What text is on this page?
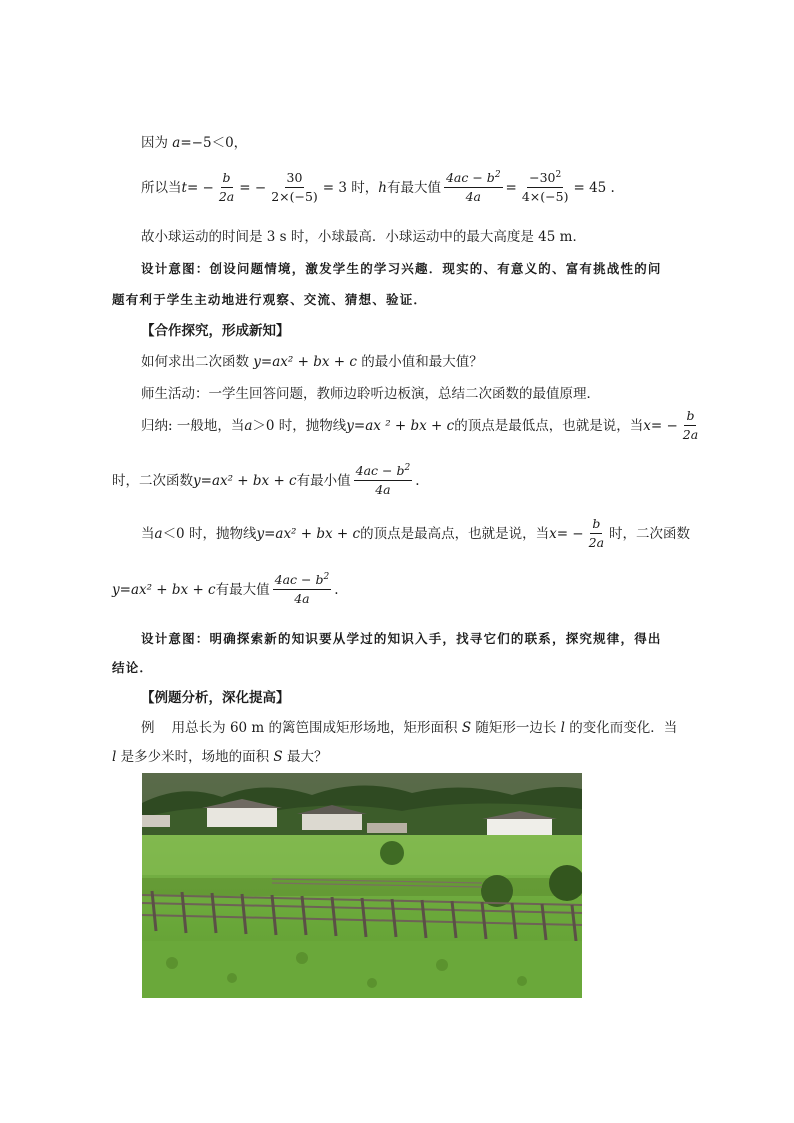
因为 a=−5＜0，
所以当 t = − $\frac{b}{2a}$ = − $\frac{30}{2\times(-5)} = 3$ 时， h 有最大值 $\frac{4ac - b^2}{4a} = \frac{-30^2}{4\times(-5)} = 45$ .
故小球运动的时间是 3 s 时，小球最高．小球运动中的最大高度是 45 m．
设计意图：创设问题情境，激发学生的学习兴趣．现实的、有意义的、富有挑战性的问
题有利于学生主动地进行观察、交流、猜想、验证．
【合作探究，形成新知】
如何求出二次函数 y=ax² + bx + c 的最小值和最大值？
师生活动：一学生回答问题，教师边聆听边板演，总结二次函数的最值原理．
归纳: 一般地，当 a ＞0 时，抛物线 y=ax ² + bx + c 的顶点是最低点，也就是说，当 x = − $\frac{b}{2a}$
时，二次函数 y=ax² + bx + c 有最小值 $\frac{4ac - b^2}{4a}$ .
当 a ＜0 时，抛物线 y=ax² + bx + c 的顶点是最高点，也就是说，当 x = − $\frac{b}{2a}$ 时，二次函数
y=ax² + bx + c 有最大值 $\frac{4ac - b^2}{4a}$ .
设计意图：明确探索新的知识要从学过的知识入手，找寻它们的联系，探究规律，得出
结论．
【例题分析，深化提高】
例 用总长为 60 m 的篱笆围成矩形场地，矩形面积 S 随矩形一边长 l 的变化而变化．当
l 是多少米时，场地的面积 S 最大？
